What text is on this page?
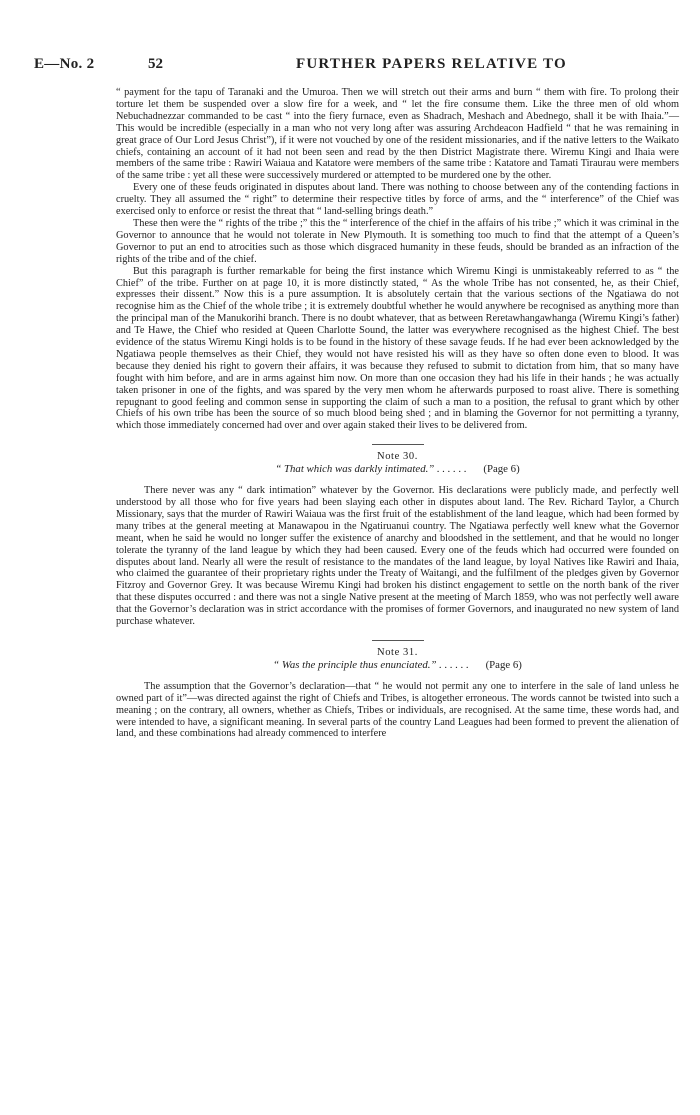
E—No. 2	52	FURTHER PAPERS RELATIVE TO

“ payment for the tapu of Taranaki and the Umuroa. Then we will stretch out their arms and burn “ them with fire. To prolong their torture let them be suspended over a slow fire for a week, and “ let the fire consume them. Like the three men of old whom Nebuchadnezzar commanded to be cast “ into the fiery furnace, even as Shadrach, Meshach and Abednego, shall it be with Ihaia.”—This would be incredible (especially in a man who not very long after was assuring Archdeacon Hadfield “ that he was remaining in great grace of Our Lord Jesus Christ”), if it were not vouched by one of the resident missionaries, and if the native letters to the Waikato chiefs, containing an account of it had not been seen and read by the then District Magistrate there. Wiremu Kingi and Ihaia were members of the same tribe : Rawiri Waiaua and Katatore were members of the same tribe : Katatore and Tamati Tiraurau were members of the same tribe : yet all these were successively murdered or attempted to be murdered one by the other.

Every one of these feuds originated in disputes about land. There was nothing to choose between any of the contending factions in cruelty. They all assumed the “ right” to determine their respective titles by force of arms, and the “ interference” of the Chief was exercised only to enforce or resist the threat that “ land-selling brings death.”

These then were the “ rights of the tribe ;” this the “ interference of the chief in the affairs of his tribe ;” which it was criminal in the Governor to announce that he would not tolerate in New Plymouth. It is something too much to find that the attempt of a Queen’s Governor to put an end to atrocities such as those which disgraced humanity in these feuds, should be branded as an infraction of the rights of the tribe and of the chief.

But this paragraph is further remarkable for being the first instance which Wiremu Kingi is unmistakeably referred to as “ the Chief” of the tribe. Further on at page 10, it is more distinctly stated, “ As the whole Tribe has not consented, he, as their Chief, expresses their dissent.” Now this is a pure assumption. It is absolutely certain that the various sections of the Ngatiawa do not recognise him as the Chief of the whole tribe ; it is extremely doubtful whether he would anywhere be recognised as anything more than the principal man of the Manukorihi branch. There is no doubt whatever, that as between Reretawhangawhanga (Wiremu Kingi’s father) and Te Hawe, the Chief who resided at Queen Charlotte Sound, the latter was everywhere recognised as the highest Chief. The best evidence of the status Wiremu Kingi holds is to be found in the history of these savage feuds. If he had ever been acknowledged by the Ngatiawa people themselves as their Chief, they would not have resisted his will as they have so often done even to blood. It was because they denied his right to govern their affairs, it was because they refused to submit to dictation from him, that so many have fought with him before, and are in arms against him now. On more than one occasion they had his life in their hands ; he was actually taken prisoner in one of the fights, and was spared by the very men whom he afterwards purposed to roast alive. There is something repugnant to good feeling and common sense in supporting the claim of such a man to a position, the refusal to grant which by other Chiefs of his own tribe has been the source of so much blood being shed ; and in blaming the Governor for not permitting a tyranny, which those immediately concerned had over and over again staked their lives to be delivered from.

Note 30.
“ That which was darkly intimated.” . . . . . . (Page 6)

There never was any “ dark intimation” whatever by the Governor. His declarations were publicly made, and perfectly well understood by all those who for five years had been slaying each other in disputes about land. The Rev. Richard Taylor, a Church Missionary, says that the murder of Rawiri Waiaua was the first fruit of the establishment of the land league, which had been formed by many tribes at the general meeting at Manawapou in the Ngatiruanui country. The Ngatiawa perfectly well knew what the Governor meant, when he said he would no longer suffer the existence of anarchy and bloodshed in the settlement, and that he would no longer tolerate the tyranny of the land league by which they had been caused. Every one of the feuds which had occurred were founded on disputes about land. Nearly all were the result of resistance to the mandates of the land league, by loyal Natives like Rawiri and Ihaia, who claimed the guarantee of their proprietary rights under the Treaty of Waitangi, and the fulfilment of the pledges given by Governor Fitzroy and Governor Grey. It was because Wiremu Kingi had broken his distinct engagement to settle on the north bank of the river that these disputes occurred : and there was not a single Native present at the meeting of March 1859, who was not perfectly well aware that the Governor’s declaration was in strict accordance with the promises of former Governors, and inaugurated no new system of land purchase whatever.

Note 31.
“ Was the principle thus enunciated.” . . . . . . (Page 6)

The assumption that the Governor’s declaration—that “ he would not permit any one to interfere in the sale of land unless he owned part of it”—was directed against the right of Chiefs and Tribes, is altogether erroneous. The words cannot be twisted into such a meaning ; on the contrary, all owners, whether as Chiefs, Tribes or individuals, are recognised. At the same time, these words had, and were intended to have, a significant meaning. In several parts of the country Land Leagues had been formed to prevent the alienation of land, and these combinations had already commenced to interfere
